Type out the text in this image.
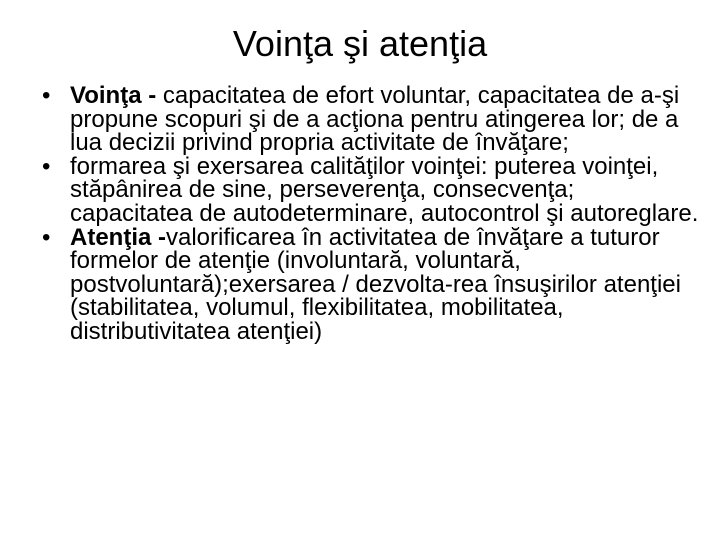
Voinţa şi atenţia
• Voinţa - capacitatea de efort voluntar, capacitatea de a-şi propune scopuri şi de a acţiona pentru atingerea lor; de a lua decizii privind propria activitate de învăţare;
• formarea şi exersarea calităţilor voinţei: puterea voinţei, stăpânirea de sine, perseverenţa, consecvenţa; capacitatea de autodeterminare, autocontrol şi autoreglare.
• Atenţia -valorificarea în activitatea de învăţare a tuturor formelor de atenţie (involuntară, voluntară, postvoluntară);exersarea / dezvolta-rea însuşirilor atenţiei (stabilitatea, volumul, flexibilitatea, mobilitatea, distributivitatea atenţiei)
